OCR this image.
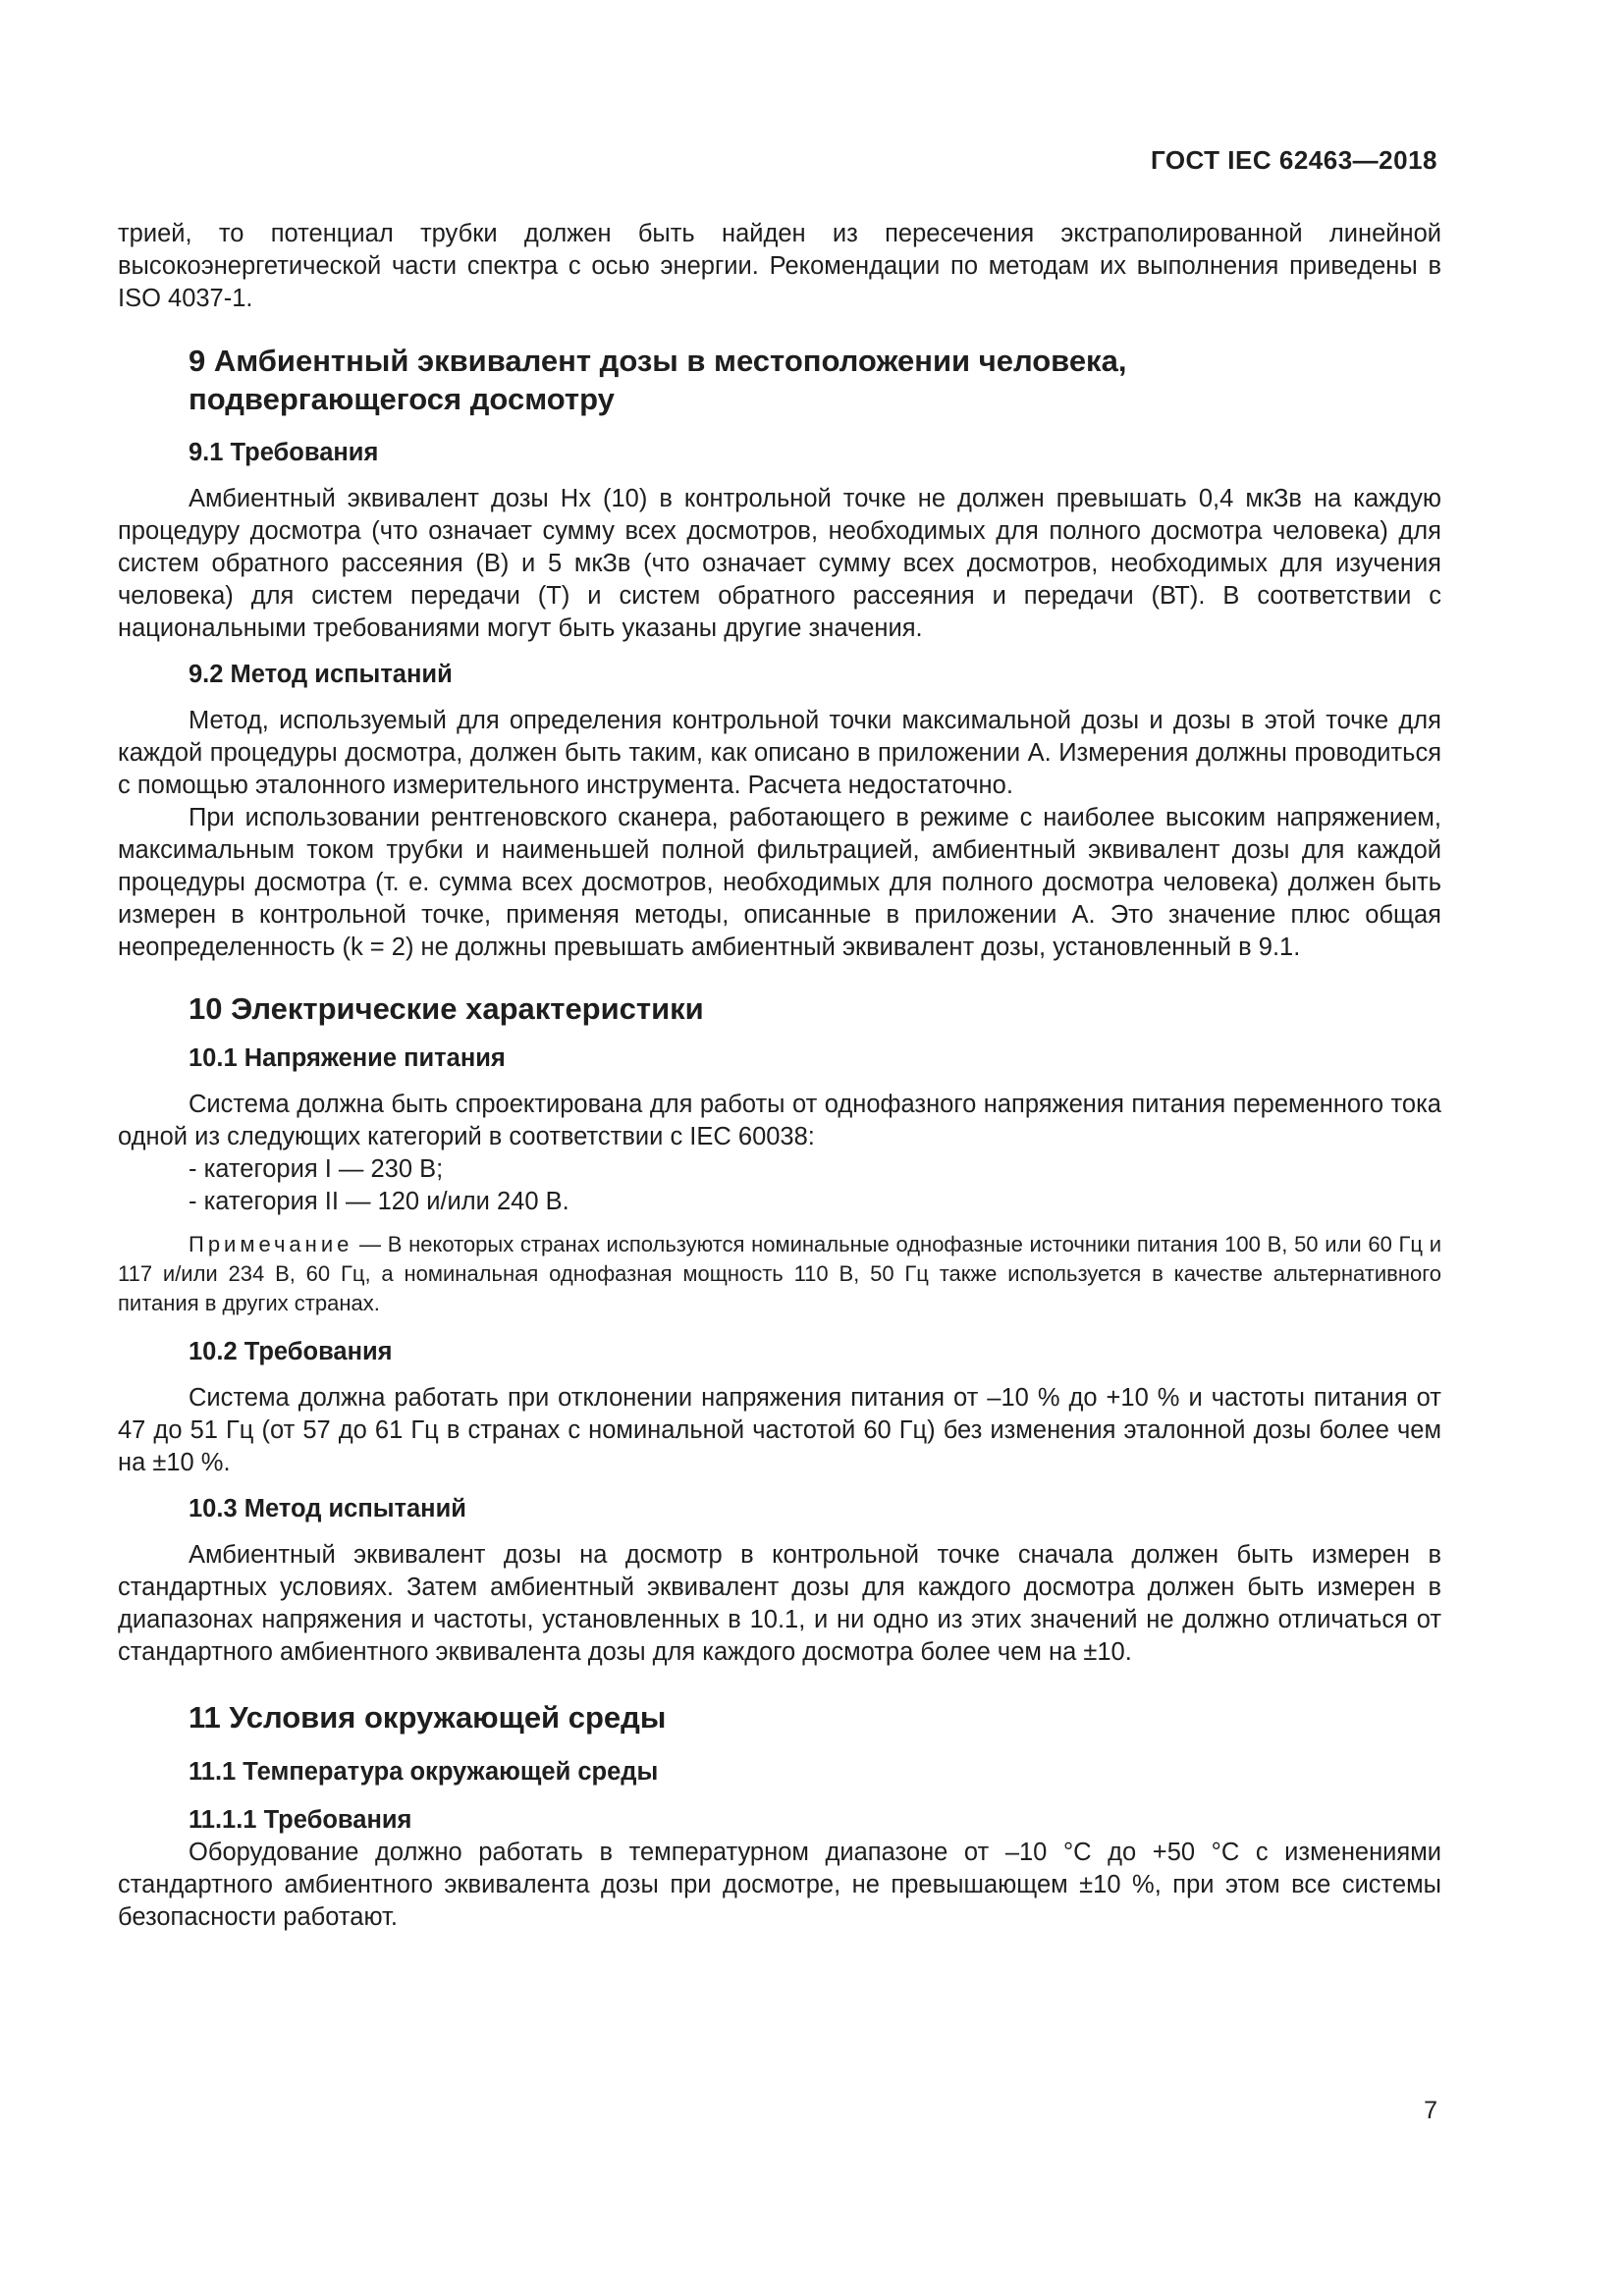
ГОСТ IEC 62463—2018

трией, то потенциал трубки должен быть найден из пересечения экстраполированной линейной высокоэнергетической части спектра с осью энергии. Рекомендации по методам их выполнения приведены в ISO 4037-1.

9 Амбиентный эквивалент дозы в местоположении человека,
подвергающегося досмотру
9.1 Требования

Амбиентный эквивалент дозы Hx (10) в контрольной точке не должен превышать 0,4 мкЗв на каждую процедуру досмотра (что означает сумму всех досмотров, необходимых для полного досмотра человека) для систем обратного рассеяния (В) и 5 мкЗв (что означает сумму всех досмотров, необходимых для изучения человека) для систем передачи (Т) и систем обратного рассеяния и передачи (ВТ). В соответствии с национальными требованиями могут быть указаны другие значения.

9.2 Метод испытаний

Метод, используемый для определения контрольной точки максимальной дозы и дозы в этой точке для каждой процедуры досмотра, должен быть таким, как описано в приложении А. Измерения должны проводиться с помощью эталонного измерительного инструмента. Расчета недостаточно.

При использовании рентгеновского сканера, работающего в режиме с наиболее высоким напряжением, максимальным током трубки и наименьшей полной фильтрацией, амбиентный эквивалент дозы для каждой процедуры досмотра (т. е. сумма всех досмотров, необходимых для полного досмотра человека) должен быть измерен в контрольной точке, применяя методы, описанные в приложении А. Это значение плюс общая неопределенность (k = 2) не должны превышать амбиентный эквивалент дозы, установленный в 9.1.

10 Электрические характеристики
10.1 Напряжение питания

Система должна быть спроектирована для работы от однофазного напряжения питания переменного тока одной из следующих категорий в соответствии с IEC 60038:

- категория I — 230 В;
- категория II — 120 и/или 240 В.

Примечание — В некоторых странах используются номинальные однофазные источники питания 100 В, 50 или 60 Гц и 117 и/или 234 В, 60 Гц, а номинальная однофазная мощность 110 В, 50 Гц также используется в качестве альтернативного питания в других странах.

10.2 Требования

Система должна работать при отклонении напряжения питания от –10 % до +10 % и частоты питания от 47 до 51 Гц (от 57 до 61 Гц в странах с номинальной частотой 60 Гц) без изменения эталонной дозы более чем на ±10 %.

10.3 Метод испытаний

Амбиентный эквивалент дозы на досмотр в контрольной точке сначала должен быть измерен в стандартных условиях. Затем амбиентный эквивалент дозы для каждого досмотра должен быть измерен в диапазонах напряжения и частоты, установленных в 10.1, и ни одно из этих значений не должно отличаться от стандартного амбиентного эквивалента дозы для каждого досмотра более чем на ±10.

11 Условия окружающей среды
11.1 Температура окружающей среды
11.1.1 Требования

Оборудование должно работать в температурном диапазоне от –10 °С до +50 °С с изменениями стандартного амбиентного эквивалента дозы при досмотре, не превышающем ±10 %, при этом все системы безопасности работают.

7
